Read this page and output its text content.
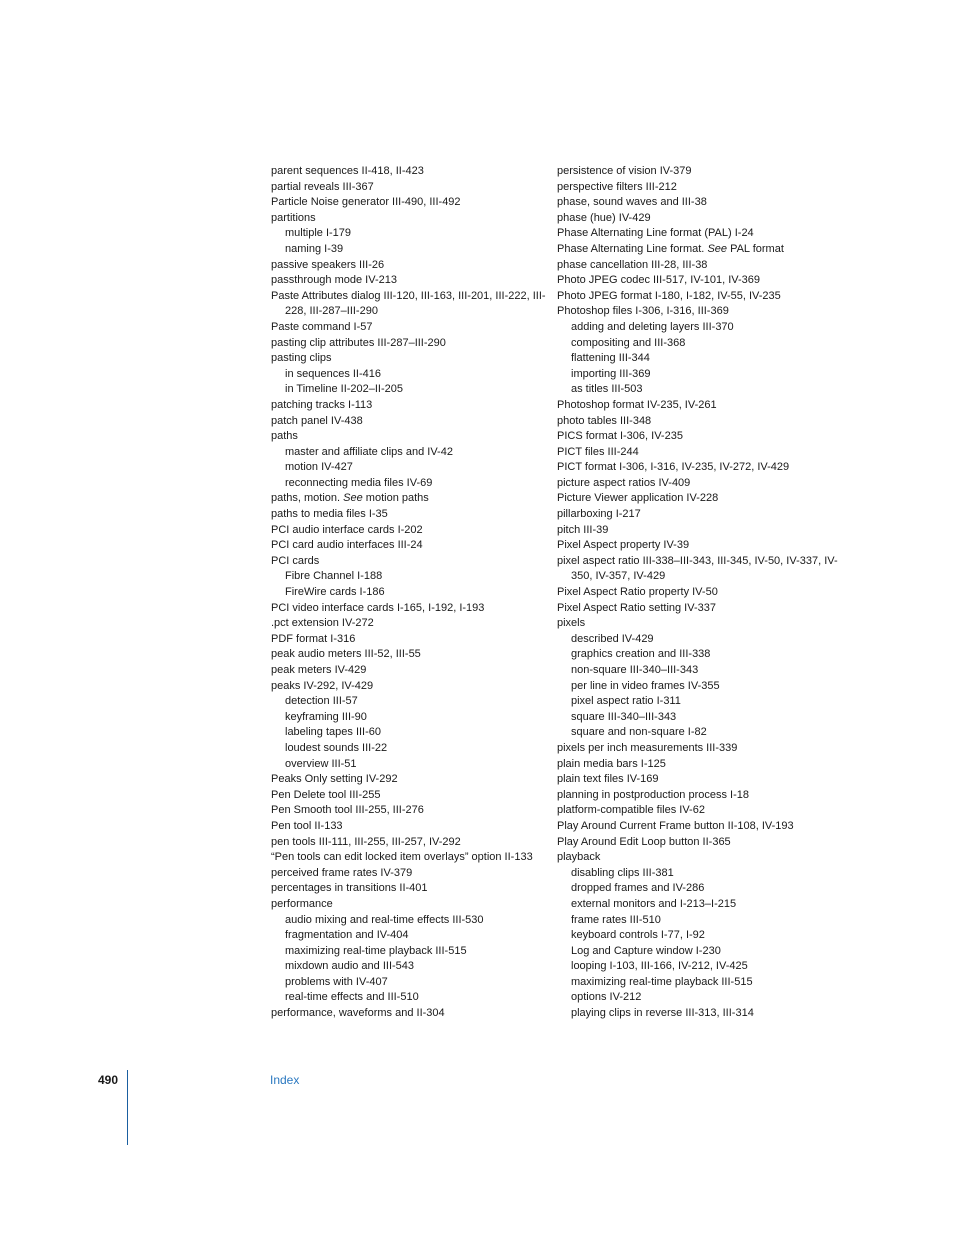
parent sequences II-418, II-423
partial reveals III-367
Particle Noise generator III-490, III-492
partitions
multiple I-179
naming I-39
passive speakers III-26
passthrough mode IV-213
Paste Attributes dialog III-120, III-163, III-201, III-222, III-228, III-287–III-290
Paste command I-57
pasting clip attributes III-287–III-290
pasting clips
in sequences II-416
in Timeline II-202–II-205
patching tracks I-113
patch panel IV-438
paths
master and affiliate clips and IV-42
motion IV-427
reconnecting media files IV-69
paths, motion. See motion paths
paths to media files I-35
PCI audio interface cards I-202
PCI card audio interfaces III-24
PCI cards
Fibre Channel I-188
FireWire cards I-186
PCI video interface cards I-165, I-192, I-193
.pct extension IV-272
PDF format I-316
peak audio meters III-52, III-55
peak meters IV-429
peaks IV-292, IV-429
detection III-57
keyframing III-90
labeling tapes III-60
loudest sounds III-22
overview III-51
Peaks Only setting IV-292
Pen Delete tool III-255
Pen Smooth tool III-255, III-276
Pen tool II-133
pen tools III-111, III-255, III-257, IV-292
“Pen tools can edit locked item overlays” option II-133
perceived frame rates IV-379
percentages in transitions II-401
performance
audio mixing and real-time effects III-530
fragmentation and IV-404
maximizing real-time playback III-515
mixdown audio and III-543
problems with IV-407
real-time effects and III-510
performance, waveforms and II-304
persistence of vision IV-379
perspective filters III-212
phase, sound waves and III-38
phase (hue) IV-429
Phase Alternating Line format (PAL) I-24
Phase Alternating Line format. See PAL format
phase cancellation III-28, III-38
Photo JPEG codec III-517, IV-101, IV-369
Photo JPEG format I-180, I-182, IV-55, IV-235
Photoshop files I-306, I-316, III-369
adding and deleting layers III-370
compositing and III-368
flattening III-344
importing III-369
as titles III-503
Photoshop format IV-235, IV-261
photo tables III-348
PICS format I-306, IV-235
PICT files III-244
PICT format I-306, I-316, IV-235, IV-272, IV-429
picture aspect ratios IV-409
Picture Viewer application IV-228
pillarboxing I-217
pitch III-39
Pixel Aspect property IV-39
pixel aspect ratio III-338–III-343, III-345, IV-50, IV-337, IV-350, IV-357, IV-429
Pixel Aspect Ratio property IV-50
Pixel Aspect Ratio setting IV-337
pixels
described IV-429
graphics creation and III-338
non-square III-340–III-343
per line in video frames IV-355
pixel aspect ratio I-311
square III-340–III-343
square and non-square I-82
pixels per inch measurements III-339
plain media bars I-125
plain text files IV-169
planning in postproduction process I-18
platform-compatible files IV-62
Play Around Current Frame button II-108, IV-193
Play Around Edit Loop button II-365
playback
disabling clips III-381
dropped frames and IV-286
external monitors and I-213–I-215
frame rates III-510
keyboard controls I-77, I-92
Log and Capture window I-230
looping I-103, III-166, IV-212, IV-425
maximizing real-time playback III-515
options IV-212
playing clips in reverse III-313, III-314
490	Index
